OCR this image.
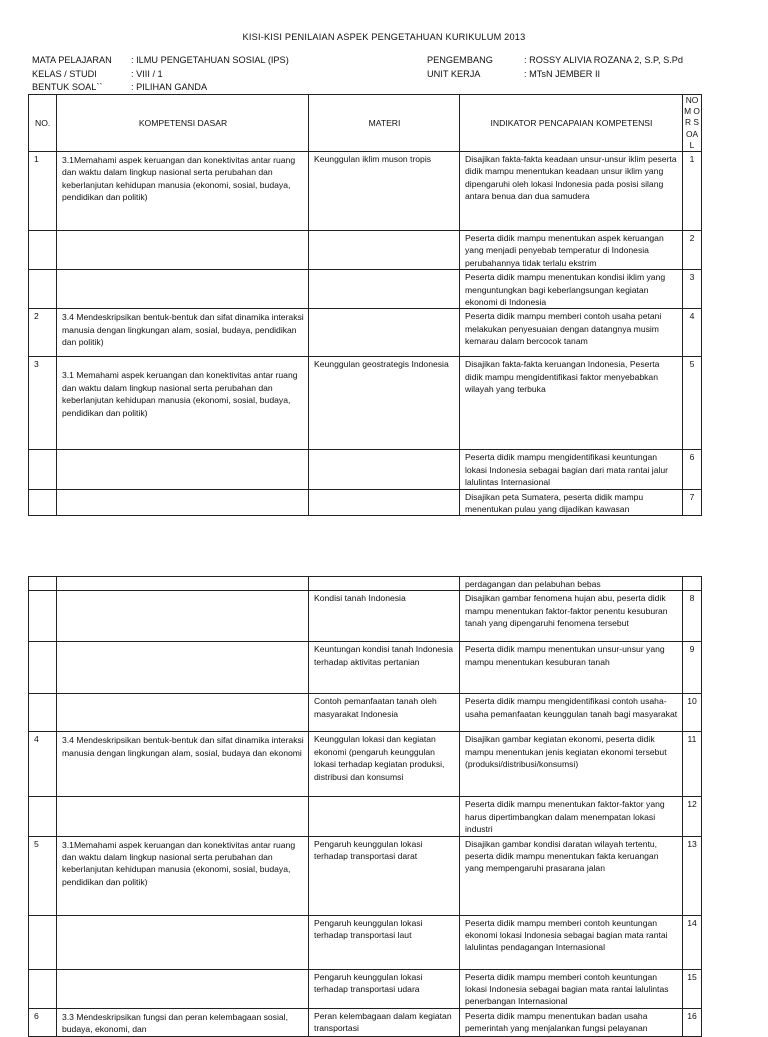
KISI-KISI PENILAIAN ASPEK PENGETAHUAN KURIKULUM 2013
MATA PELAJARAN : ILMU PENGETAHUAN SOSIAL (IPS)
KELAS / STUDI	: VIII / 1
BENTUK SOAL``	: PILIHAN GANDA
PENGEMBANG	: ROSSY ALIVIA ROZANA 2, S.P, S.Pd
UNIT KERJA	: MTsN JEMBER II
NO.	KOMPETENSI DASAR	MATERI	INDIKATOR PENCAPAIAN KOMPETENSI	NOM OR SOA L
1	3.1Memahami aspek keruangan dan konektivitas antar ruang dan waktu dalam lingkup nasional serta perubahan dan keberlanjutan kehidupan manusia (ekonomi, sosial, budaya, pendidikan dan politik)	Keunggulan iklim muson tropis	Disajikan fakta-fakta keadaan unsur-unsur iklim peserta didik mampu menentukan keadaan unsur iklim yang dipengaruhi oleh lokasi Indonesia pada posisi silang antara benua dan dua samudera	1
			Peserta didik mampu menentukan aspek keruangan yang menjadi penyebab temperatur di Indonesia perubahannya tidak terlalu ekstrim	2
			Peserta didik mampu menentukan kondisi iklim yang menguntungkan bagi keberlangsungan kegiatan ekonomi di Indonesia	3
2	3.4 Mendeskripsikan bentuk-bentuk dan sifat dinamika interaksi manusia dengan lingkungan alam, sosial, budaya, pendidikan dan politik)		Peserta didik mampu memberi contoh usaha petani melakukan penyesuaian dengan datangnya musim kemarau dalam bercocok tanam	4
3	3.1 Memahami aspek keruangan dan konektivitas antar ruang dan waktu dalam lingkup nasional serta perubahan dan keberlanjutan kehidupan manusia (ekonomi, sosial, budaya, pendidikan dan politik)	Keunggulan geostrategis Indonesia	Disajikan fakta-fakta keruangan Indonesia, Peserta didik mampu mengidentifikasi faktor menyebabkan wilayah yang terbuka	5
			Peserta didik mampu mengidentifikasi keuntungan lokasi Indonesia sebagai bagian dari mata rantai jalur lalulintas Internasional	6
			Disajikan peta Sumatera, peserta didik mampu menentukan pulau yang dijadikan kawasan	7
			perdagangan dan pelabuhan bebas	
		Kondisi tanah Indonesia	Disajikan gambar fenomena hujan abu, peserta didik mampu menentukan faktor-faktor penentu kesuburan tanah yang dipengaruhi fenomena tersebut	8
		Keuntungan kondisi tanah Indonesia terhadap aktivitas pertanian	Peserta didik mampu menentukan unsur-unsur yang mampu menentukan kesuburan tanah	9
		Contoh pemanfaatan tanah oleh masyarakat Indonesia	Peserta didik mampu mengidentifikasi contoh usaha-usaha pemanfaatan keunggulan tanah bagi masyarakat	10
4	3.4 Mendeskripsikan bentuk-bentuk dan sifat dinamika interaksi manusia dengan lingkungan alam, sosial, budaya dan ekonomi	Keunggulan lokasi dan kegiatan ekonomi (pengaruh keunggulan lokasi terhadap kegiatan produksi, distribusi dan konsumsi	Disajikan gambar kegiatan ekonomi, peserta didik mampu menentukan jenis kegiatan ekonomi tersebut (produksi/distribusi/konsumsi)	11
			Peserta didik mampu menentukan faktor-faktor yang harus dipertimbangkan dalam menempatan lokasi industri	12
5	3.1Memahami aspek keruangan dan konektivitas antar ruang dan waktu dalam lingkup nasional serta perubahan dan keberlanjutan kehidupan manusia (ekonomi, sosial, budaya, pendidikan dan politik)	Pengaruh keunggulan lokasi terhadap transportasi darat	Disajikan gambar kondisi daratan wilayah tertentu, peserta didik mampu menentukan fakta keruangan yang mempengaruhi prasarana jalan	13
		Pengaruh keunggulan lokasi terhadap transportasi laut	Peserta didik mampu memberi contoh keuntungan ekonomi lokasi Indonesia sebagai bagian mata rantai lalulintas pendagangan Internasional	14
		Pengaruh keunggulan lokasi terhadap transportasi udara	Peserta didik mampu memberi contoh keuntungan lokasi Indonesia sebagai bagian mata rantai lalulintas penerbangan Internasional	15
6	3.3 Mendeskripsikan fungsi dan peran kelembagaan sosial, budaya, ekonomi, dan	Peran kelembagaan dalam kegiatan transportasi	Peserta didik mampu menentukan badan usaha pemerintah yang menjalankan fungsi pelayanan	16
